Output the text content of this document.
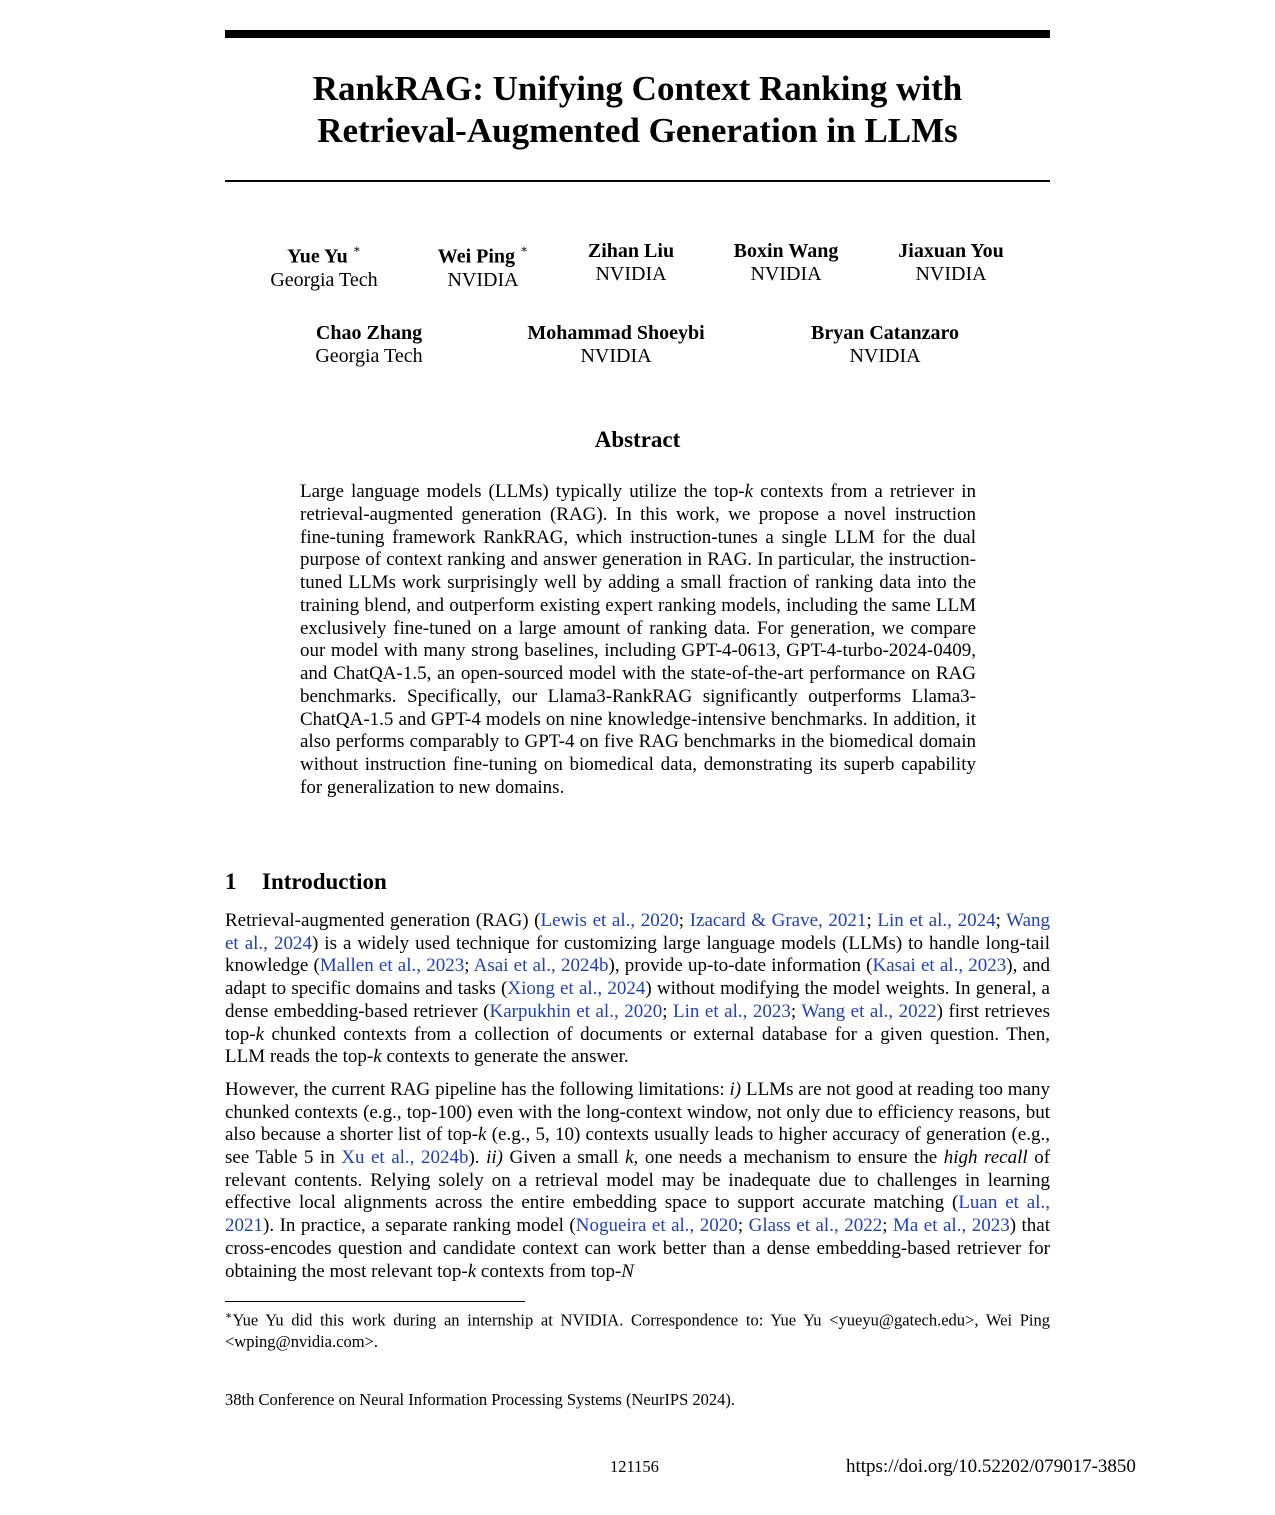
RankRAG: Unifying Context Ranking with
Retrieval-Augmented Generation in LLMs
Yue Yu ∗
Georgia Tech
Wei Ping ∗
NVIDIA
Zihan Liu
NVIDIA
Boxin Wang
NVIDIA
Jiaxuan You
NVIDIA
Chao Zhang
Georgia Tech
Mohammad Shoeybi
NVIDIA
Bryan Catanzaro
NVIDIA
Abstract

Large language models (LLMs) typically utilize the top-k contexts from a retriever in retrieval-augmented generation (RAG). In this work, we propose a novel instruction fine-tuning framework RankRAG, which instruction-tunes a single LLM for the dual purpose of context ranking and answer generation in RAG. In particular, the instruction-tuned LLMs work surprisingly well by adding a small fraction of ranking data into the training blend, and outperform existing expert ranking models, including the same LLM exclusively fine-tuned on a large amount of ranking data. For generation, we compare our model with many strong baselines, including GPT-4-0613, GPT-4-turbo-2024-0409, and ChatQA-1.5, an open-sourced model with the state-of-the-art performance on RAG benchmarks. Specifically, our Llama3-RankRAG significantly outperforms Llama3-ChatQA-1.5 and GPT-4 models on nine knowledge-intensive benchmarks. In addition, it also performs comparably to GPT-4 on five RAG benchmarks in the biomedical domain without instruction fine-tuning on biomedical data, demonstrating its superb capability for generalization to new domains.

1 Introduction

Retrieval-augmented generation (RAG) (Lewis et al., 2020; Izacard & Grave, 2021; Lin et al., 2024; Wang et al., 2024) is a widely used technique for customizing large language models (LLMs) to handle long-tail knowledge (Mallen et al., 2023; Asai et al., 2024b), provide up-to-date information (Kasai et al., 2023), and adapt to specific domains and tasks (Xiong et al., 2024) without modifying the model weights. In general, a dense embedding-based retriever (Karpukhin et al., 2020; Lin et al., 2023; Wang et al., 2022) first retrieves top-k chunked contexts from a collection of documents or external database for a given question. Then, LLM reads the top-k contexts to generate the answer.

However, the current RAG pipeline has the following limitations: i) LLMs are not good at reading too many chunked contexts (e.g., top-100) even with the long-context window, not only due to efficiency reasons, but also because a shorter list of top-k (e.g., 5, 10) contexts usually leads to higher accuracy of generation (e.g., see Table 5 in Xu et al., 2024b). ii) Given a small k, one needs a mechanism to ensure the high recall of relevant contents. Relying solely on a retrieval model may be inadequate due to challenges in learning effective local alignments across the entire embedding space to support accurate matching (Luan et al., 2021). In practice, a separate ranking model (Nogueira et al., 2020; Glass et al., 2022; Ma et al., 2023) that cross-encodes question and candidate context can work better than a dense embedding-based retriever for obtaining the most relevant top-k contexts from top-N

∗Yue Yu did this work during an internship at NVIDIA. Correspondence to: Yue Yu <yueyu@gatech.edu>, Wei Ping <wping@nvidia.com>.
38th Conference on Neural Information Processing Systems (NeurIPS 2024).
121156	https://doi.org/10.52202/079017-3850
